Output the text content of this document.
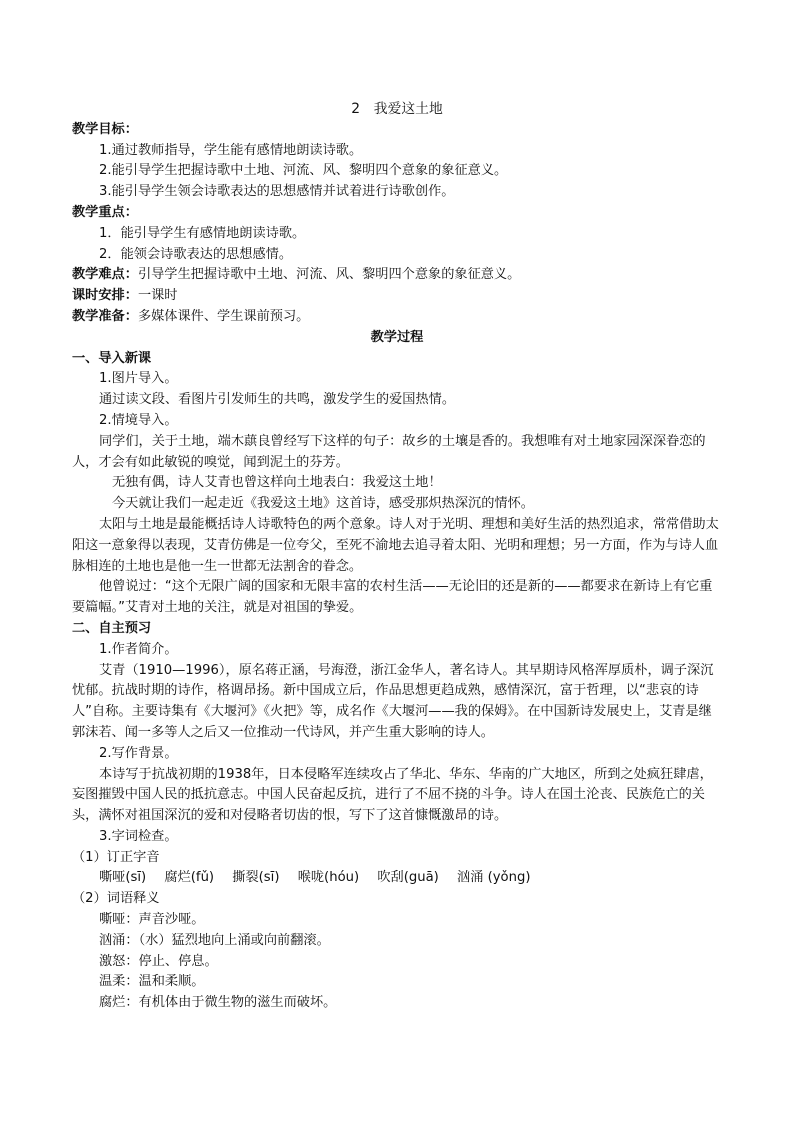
2　我爱这土地

教学目标：

1.通过教师指导，学生能有感情地朗读诗歌。

2.能引导学生把握诗歌中土地、河流、风、黎明四个意象的象征意义。

3.能引导学生领会诗歌表达的思想感情并试着进行诗歌创作。

教学重点：

1．能引导学生有感情地朗读诗歌。

2．能领会诗歌表达的思想感情。

教学难点：引导学生把握诗歌中土地、河流、风、黎明四个意象的象征意义。

课时安排：一课时

教学准备：多媒体课件、学生课前预习。

教学过程

一、导入新课

1.图片导入。

通过读文段、看图片引发师生的共鸣，激发学生的爱国热情。

2.情境导入。

同学们，关于土地，端木蕻良曾经写下这样的句子：故乡的土壤是香的。我想唯有对土地家园深深眷恋的人，才会有如此敏锐的嗅觉，闻到泥土的芬芳。

无独有偶，诗人艾青也曾这样向土地表白：我爱这土地！

今天就让我们一起走近《我爱这土地》这首诗，感受那炽热深沉的情怀。

太阳与土地是最能概括诗人诗歌特色的两个意象。诗人对于光明、理想和美好生活的热烈追求，常常借助太阳这一意象得以表现，艾青仿佛是一位夸父，至死不渝地去追寻着太阳、光明和理想；另一方面，作为与诗人血脉相连的土地也是他一生一世都无法割舍的眷念。

他曾说过：“这个无限广阔的国家和无限丰富的农村生活——无论旧的还是新的——都要求在新诗上有它重要篇幅。”艾青对土地的关注，就是对祖国的挚爱。

二、自主预习

1.作者简介。

艾青（1910—1996），原名蒋正涵，号海澄，浙江金华人，著名诗人。其早期诗风格浑厚质朴，调子深沉忧郁。抗战时期的诗作，格调昂扬。新中国成立后，作品思想更趋成熟，感情深沉，富于哲理，以“悲哀的诗人”自称。主要诗集有《大堰河》《火把》等，成名作《大堰河——我的保姆》。在中国新诗发展史上，艾青是继郭沫若、闻一多等人之后又一位推动一代诗风，并产生重大影响的诗人。

2.写作背景。

本诗写于抗战初期的1938年，日本侵略军连续攻占了华北、华东、华南的广大地区，所到之处疯狂肆虐，妄图摧毁中国人民的抵抗意志。中国人民奋起反抗，进行了不屈不挠的斗争。诗人在国土沦丧、民族危亡的关头，满怀对祖国深沉的爱和对侵略者切齿的恨，写下了这首慷慨激昂的诗。

3.字词检查。

（1）订正字音

嘶哑(sī) 腐烂(fǔ) 撕裂(sī) 喉咙(hóu) 吹刮(guā) 汹涌 (yǒng)

（2）词语释义

嘶哑：声音沙哑。

汹涌：（水）猛烈地向上涌或向前翻滚。

激怒：停止、停息。

温柔：温和柔顺。

腐烂：有机体由于微生物的滋生而破坏。
